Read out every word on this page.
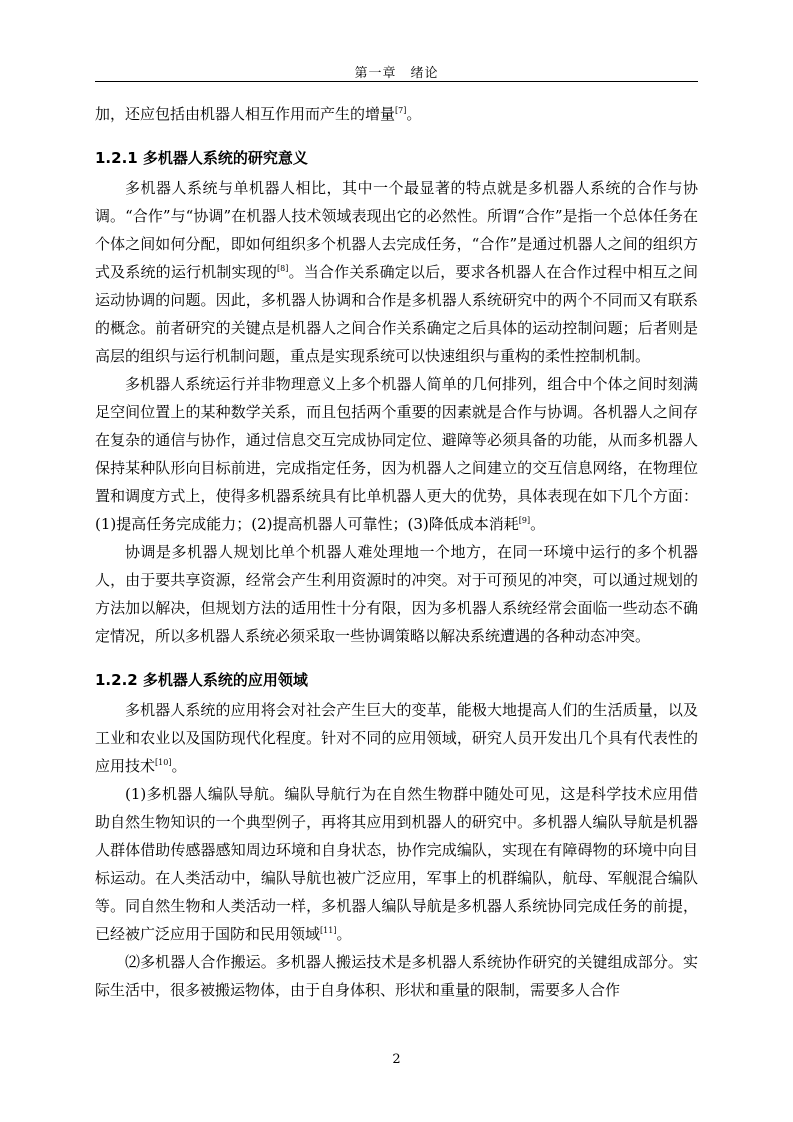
第一章　绪论

加，还应包括由机器人相互作用而产生的增量[7]。

1.2.1 多机器人系统的研究意义

多机器人系统与单机器人相比，其中一个最显著的特点就是多机器人系统的合作与协调。“合作”与“协调”在机器人技术领域表现出它的必然性。所谓“合作”是指一个总体任务在个体之间如何分配，即如何组织多个机器人去完成任务，“合作”是通过机器人之间的组织方式及系统的运行机制实现的[8]。当合作关系确定以后，要求各机器人在合作过程中相互之间运动协调的问题。因此，多机器人协调和合作是多机器人系统研究中的两个不同而又有联系的概念。前者研究的关键点是机器人之间合作关系确定之后具体的运动控制问题；后者则是高层的组织与运行机制问题，重点是实现系统可以快速组织与重构的柔性控制机制。

多机器人系统运行并非物理意义上多个机器人简单的几何排列，组合中个体之间时刻满足空间位置上的某种数学关系，而且包括两个重要的因素就是合作与协调。各机器人之间存在复杂的通信与协作，通过信息交互完成协同定位、避障等必须具备的功能，从而多机器人保持某种队形向目标前进，完成指定任务，因为机器人之间建立的交互信息网络，在物理位置和调度方式上，使得多机器系统具有比单机器人更大的优势，具体表现在如下几个方面：(1)提高任务完成能力；(2)提高机器人可靠性；(3)降低成本消耗[9]。

协调是多机器人规划比单个机器人难处理地一个地方，在同一环境中运行的多个机器人，由于要共享资源，经常会产生利用资源时的冲突。对于可预见的冲突，可以通过规划的方法加以解决，但规划方法的适用性十分有限，因为多机器人系统经常会面临一些动态不确定情况，所以多机器人系统必须采取一些协调策略以解决系统遭遇的各种动态冲突。

1.2.2 多机器人系统的应用领域

多机器人系统的应用将会对社会产生巨大的变革，能极大地提高人们的生活质量，以及工业和农业以及国防现代化程度。针对不同的应用领域，研究人员开发出几个具有代表性的应用技术[10]。

(1)多机器人编队导航。编队导航行为在自然生物群中随处可见，这是科学技术应用借助自然生物知识的一个典型例子，再将其应用到机器人的研究中。多机器人编队导航是机器人群体借助传感器感知周边环境和自身状态，协作完成编队，实现在有障碍物的环境中向目标运动。在人类活动中，编队导航也被广泛应用，军事上的机群编队，航母、军舰混合编队等。同自然生物和人类活动一样，多机器人编队导航是多机器人系统协同完成任务的前提，已经被广泛应用于国防和民用领域[11]。

⑵多机器人合作搬运。多机器人搬运技术是多机器人系统协作研究的关键组成部分。实际生活中，很多被搬运物体，由于自身体积、形状和重量的限制，需要多人合作

2
